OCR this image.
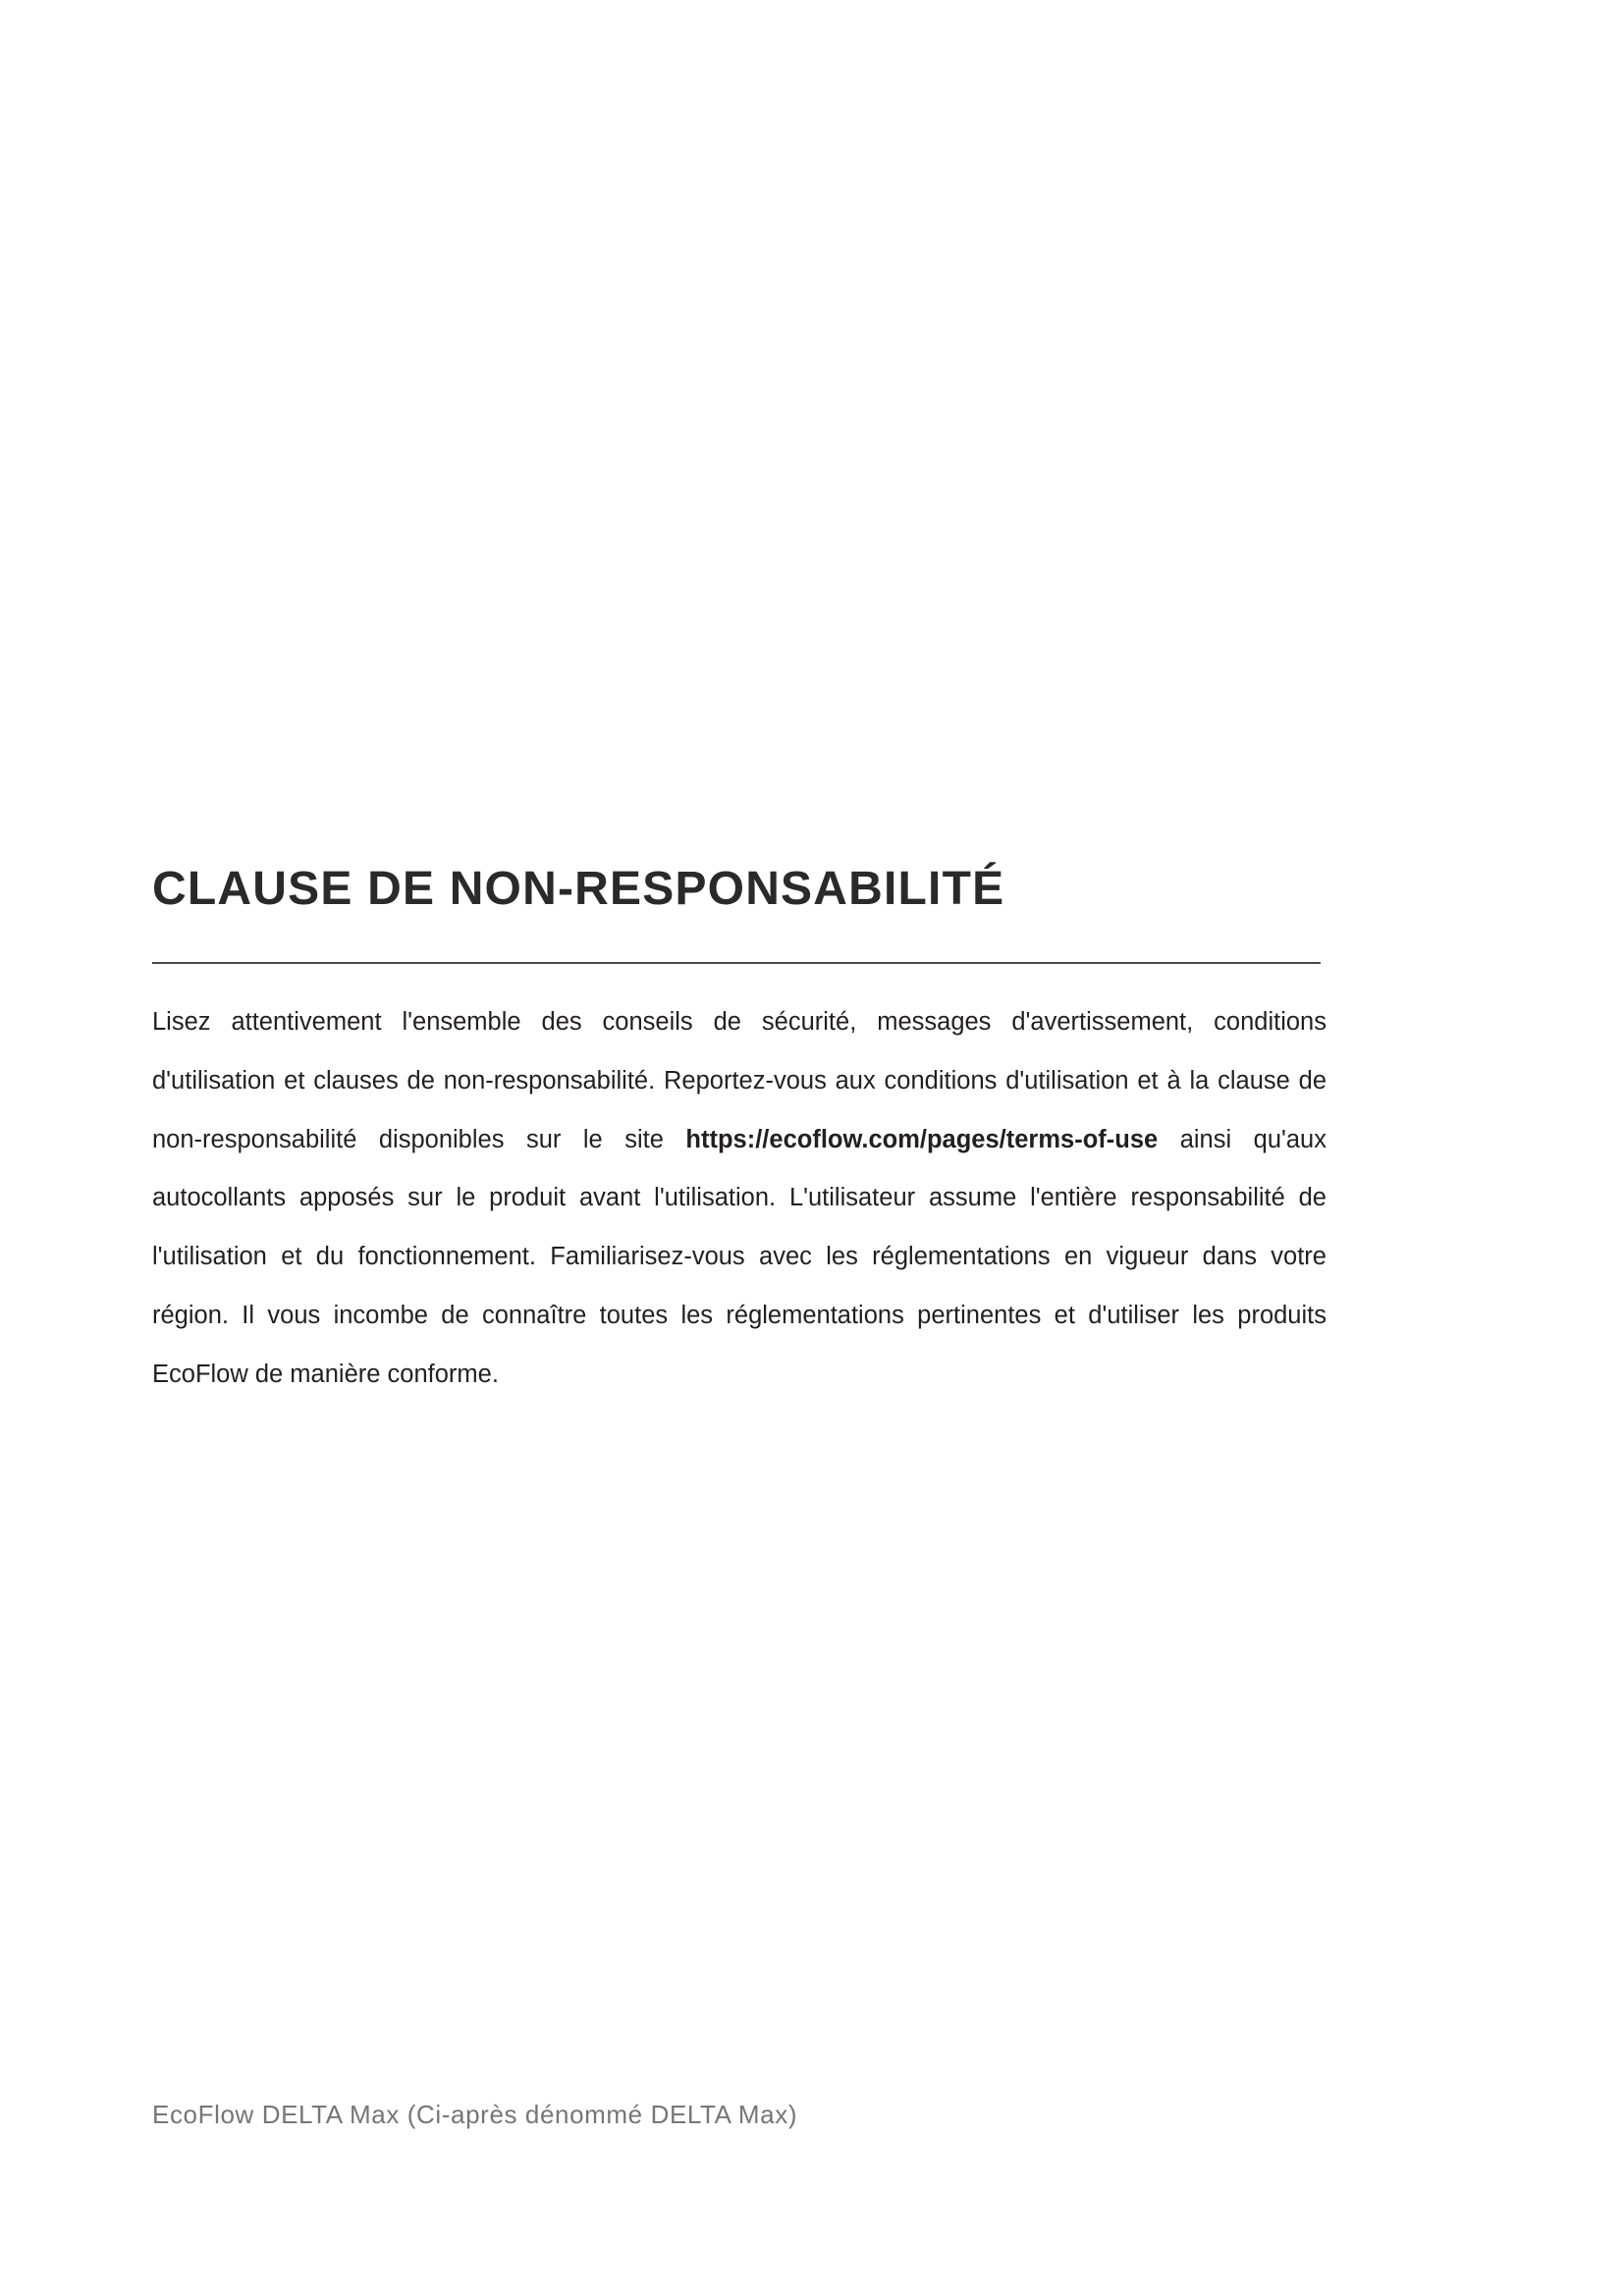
CLAUSE DE NON-RESPONSABILITÉ

Lisez attentivement l'ensemble des conseils de sécurité, messages d'avertissement, conditions d'utilisation et clauses de non-responsabilité. Reportez-vous aux conditions d'utilisation et à la clause de non-responsabilité disponibles sur le site https://ecoflow.com/pages/terms-of-use ainsi qu'aux autocollants apposés sur le produit avant l'utilisation. L'utilisateur assume l'entière responsabilité de l'utilisation et du fonctionnement. Familiarisez-vous avec les réglementations en vigueur dans votre région. Il vous incombe de connaître toutes les réglementations pertinentes et d'utiliser les produits EcoFlow de manière conforme.

EcoFlow DELTA Max (Ci-après dénommé DELTA Max)
